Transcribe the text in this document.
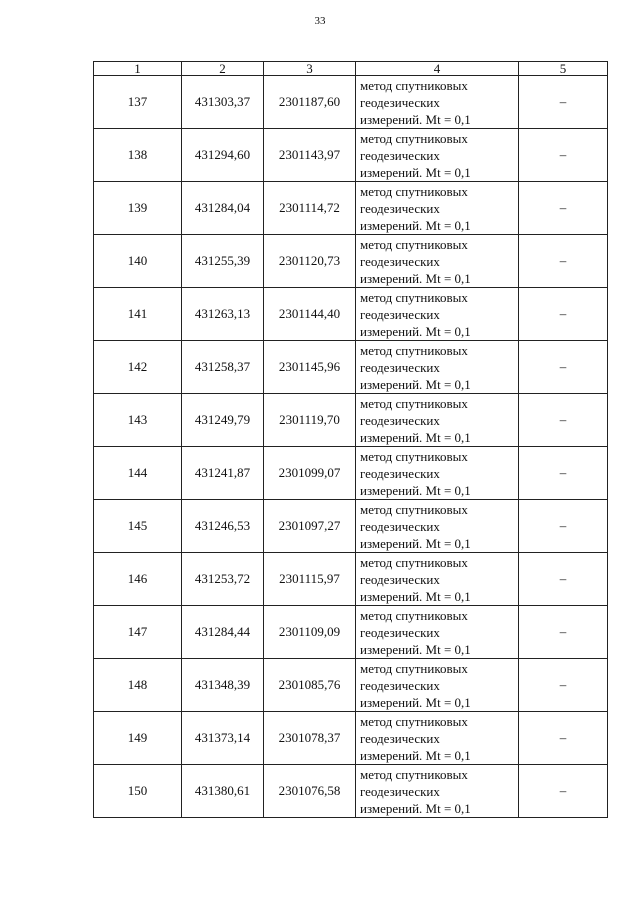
33
1	2	3	4	5
137	431303,37	2301187,60	метод спутниковых
геодезических
измерений. Mt = 0,1	–
138	431294,60	2301143,97	метод спутниковых
геодезических
измерений. Mt = 0,1	–
139	431284,04	2301114,72	метод спутниковых
геодезических
измерений. Mt = 0,1	–
140	431255,39	2301120,73	метод спутниковых
геодезических
измерений. Mt = 0,1	–
141	431263,13	2301144,40	метод спутниковых
геодезических
измерений. Mt = 0,1	–
142	431258,37	2301145,96	метод спутниковых
геодезических
измерений. Mt = 0,1	–
143	431249,79	2301119,70	метод спутниковых
геодезических
измерений. Mt = 0,1	–
144	431241,87	2301099,07	метод спутниковых
геодезических
измерений. Mt = 0,1	–
145	431246,53	2301097,27	метод спутниковых
геодезических
измерений. Mt = 0,1	–
146	431253,72	2301115,97	метод спутниковых
геодезических
измерений. Mt = 0,1	–
147	431284,44	2301109,09	метод спутниковых
геодезических
измерений. Mt = 0,1	–
148	431348,39	2301085,76	метод спутниковых
геодезических
измерений. Mt = 0,1	–
149	431373,14	2301078,37	метод спутниковых
геодезических
измерений. Mt = 0,1	–
150	431380,61	2301076,58	метод спутниковых
геодезических
измерений. Mt = 0,1	–
